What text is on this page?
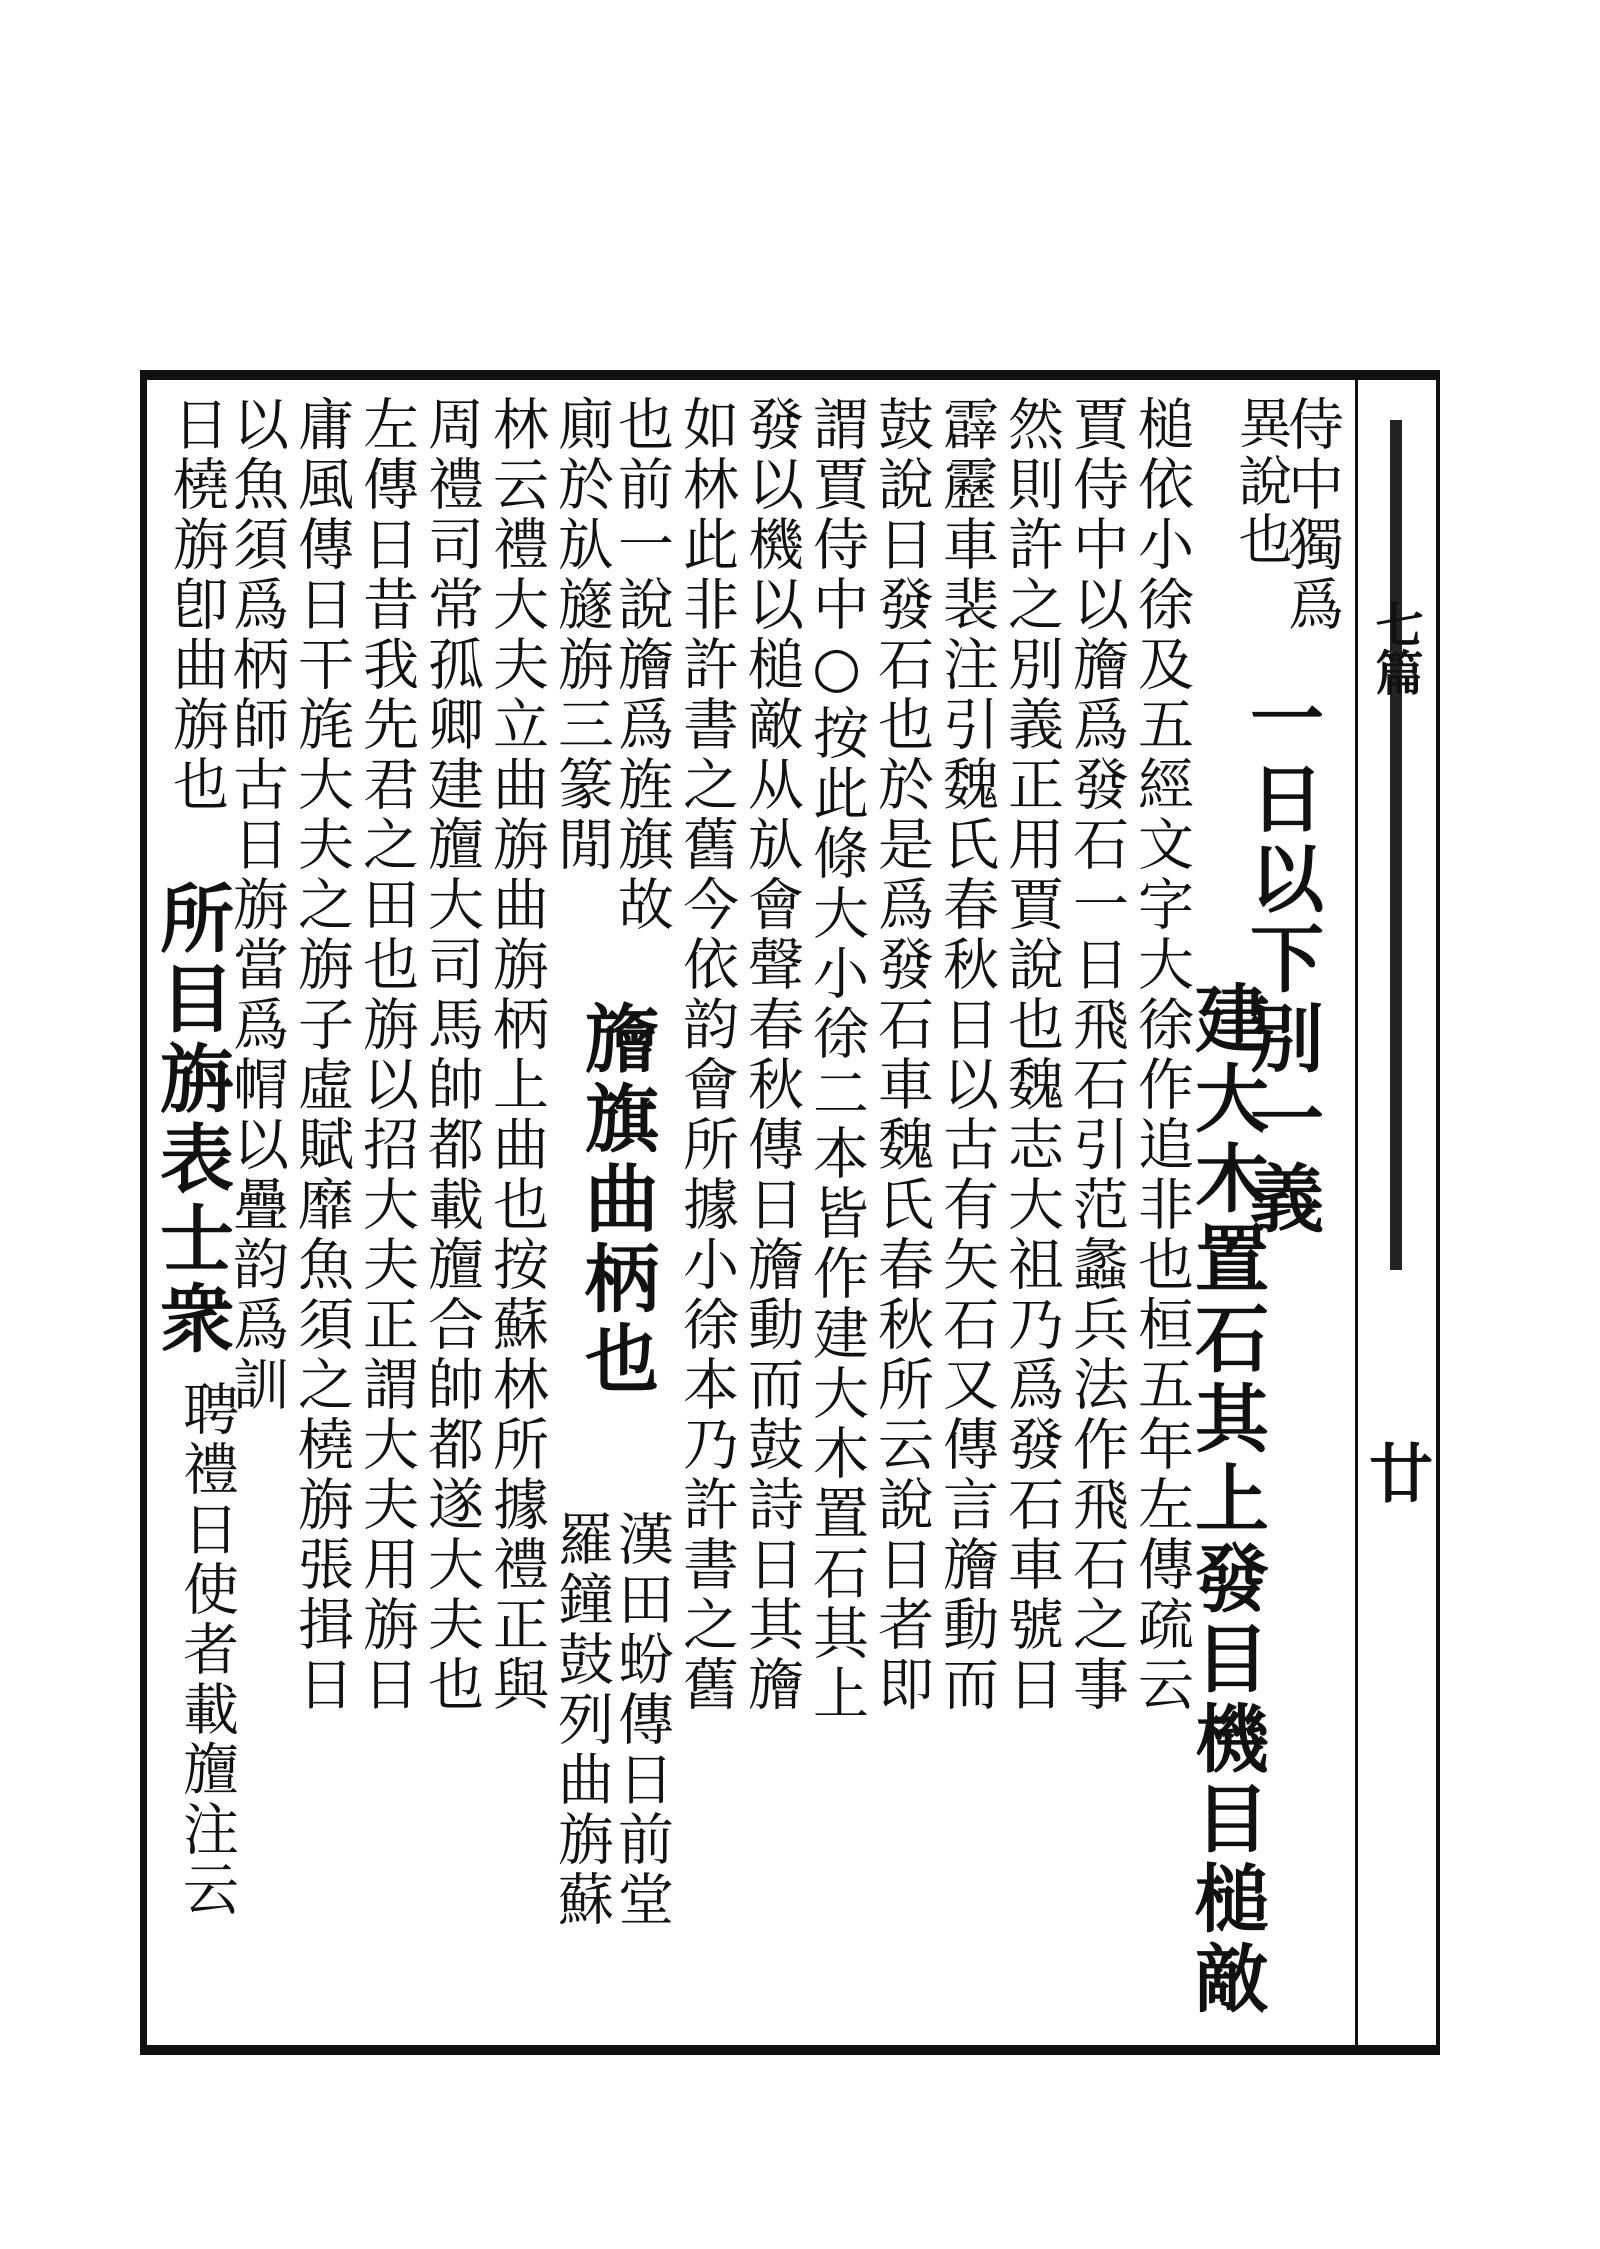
七篇
廿
侍中獨爲
異說也
一日以下別一義
建大木置石其上發目機目槌敵
槌依小徐及五經文字大徐作追非也桓五年左傳疏云
賈侍中以旝爲發石一日飛石引范蠡兵法作飛石之事
然則許之別義正用賈說也魏志大祖乃爲發石車號日
霹靂車裴注引魏氏春秋日以古有矢石又傳言旝動而
鼓說日發石也於是爲發石車魏氏春秋所云說日者即
謂賈侍中○按此條大小徐二本皆作建大木置石其上
發以機以槌敵从㫃會聲春秋傳日旝動而鼓詩日其旝
如林此非許書之舊今依韵會所據小徐本乃許書之舊
也前一說旝爲旌旗故
旝旗曲柄也
漢田蚡傳日前堂
廁於㫃旞旃三篆閒
羅鐘鼓列曲旃蘇
林云禮大夫立曲旃曲旃柄上曲也按蘇林所據禮正與
周禮司常孤卿建旜大司馬帥都載旜合帥都遂大夫也
左傳日昔我先君之田也旃以招大夫正謂大夫用旃日
庸風傳日干旄大夫之旃子虛賦靡魚須之橈旃張揖日
以魚須爲柄師古日旃當爲㡌以疊韵爲訓
所目旃表士衆
聘禮日使者載旜注云
日橈旃卽曲旃也
